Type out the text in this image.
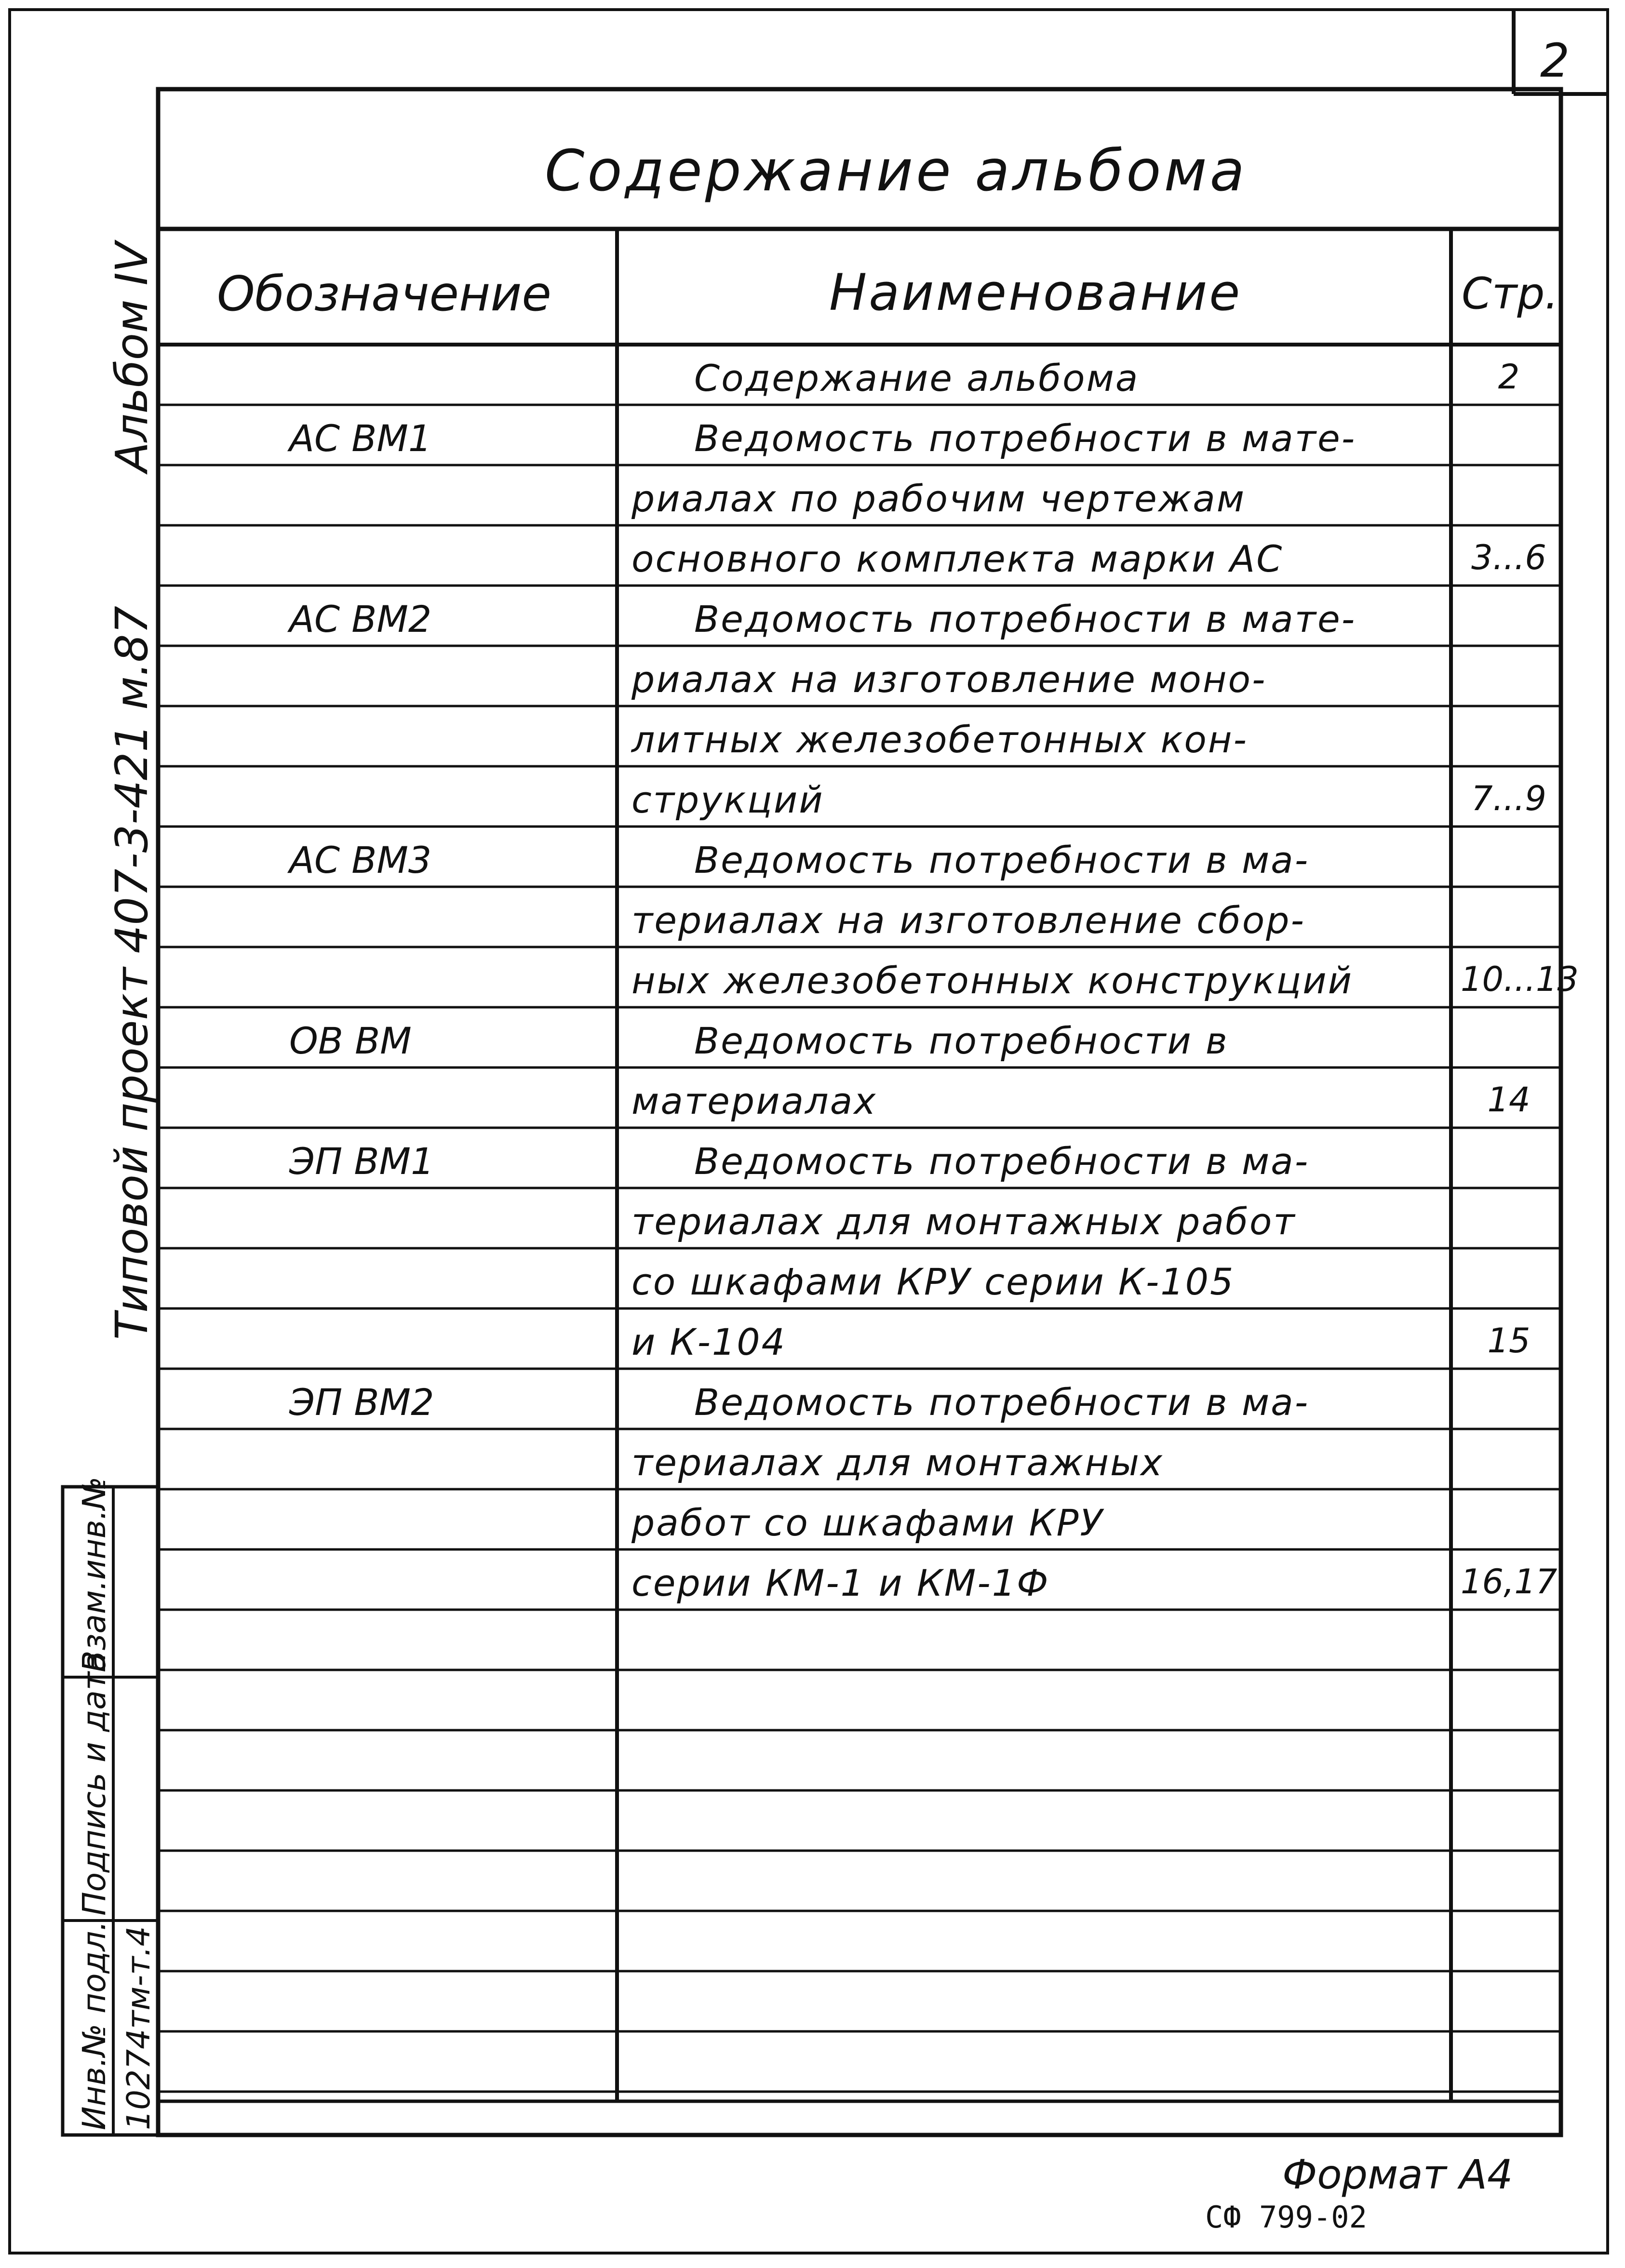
Альбом IV
Типовой проект 407-3-421 м.87
Взам.инв.№
Подпись и дата
Инв.№ подл. 10274тм-т.4
2
Содержание альбома
Обозначение	Наименование	Стр.
Содержание альбома	2
АС ВМ1	Ведомость потребности в мате-
риалах по рабочим чертежам
основного комплекта марки АС	3...6
АС ВМ2	Ведомость потребности в мате-
риалах на изготовление моно-
литных железобетонных кон-
струкций	7...9
АС ВМ3	Ведомость потребности в ма-
териалах на изготовление сбор-
ных железобетонных конструкций	10...13
ОВ ВМ	Ведомость потребности в
материалах	14
ЭП ВМ1	Ведомость потребности в ма-
териалах для монтажных работ
со шкафами КРУ серии К-105
и К-104	15
ЭП ВМ2	Ведомость потребности в ма-
териалах для монтажных
работ со шкафами КРУ
серии КМ-1 и КМ-1Ф	16,17
Формат А4
СФ 799-02
